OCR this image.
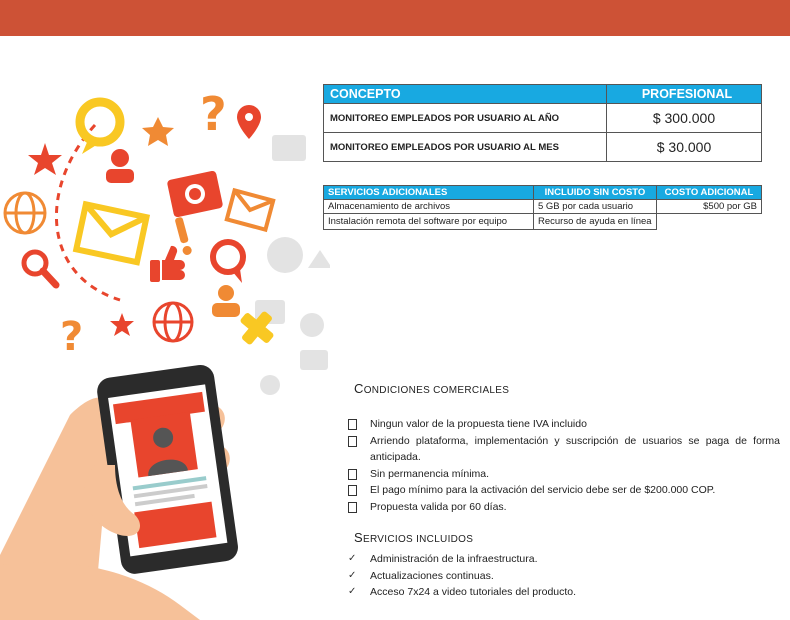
?
?
CONCEPTO	PROFESIONAL
MONITOREO EMPLEADOS POR USUARIO AL AÑO	$ 300.000
MONITOREO EMPLEADOS POR USUARIO AL MES	$ 30.000
SERVICIOS ADICIONALES	INCLUIDO SIN COSTO	COSTO ADICIONAL
Almacenamiento de archivos	5 GB por cada usuario	$500 por GB
Instalación remota del software por equipo	Recurso de ayuda en línea	
CONDICIONES COMERCIALES
Ningun valor de la propuesta tiene IVA incluido
Arriendo plataforma, implementación y suscripción de usuarios se paga de forma anticipada.
Sin permanencia mínima.
El pago mínimo para la activación del servicio debe ser de $200.000 COP.
Propuesta valida por 60 días.
SERVICIOS INCLUIDOS
✓	Administración de la infraestructura.
✓	Actualizaciones continuas.
✓	Acceso 7x24 a video tutoriales del producto.
